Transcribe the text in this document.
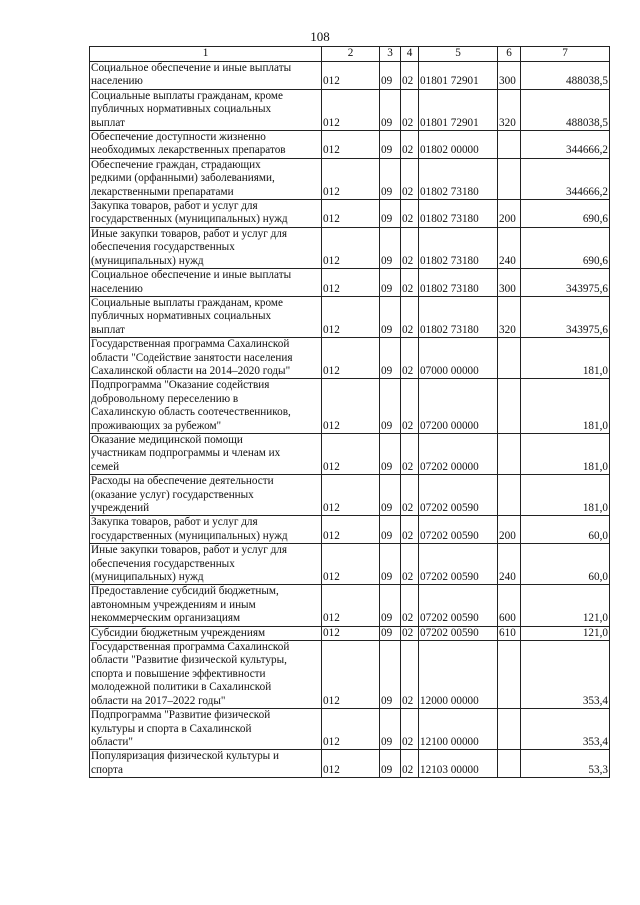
108
1	2	3	4	5	6	7
Социальное обеспечение и иные выплаты
населению	012	09	02	01801 72901	300	488038,5
Социальные выплаты гражданам, кроме
публичных нормативных социальных
выплат	012	09	02	01801 72901	320	488038,5
Обеспечение доступности жизненно
необходимых лекарственных препаратов	012	09	02	01802 00000		344666,2
Обеспечение граждан, страдающих
редкими (орфанными) заболеваниями,
лекарственными препаратами	012	09	02	01802 73180		344666,2
Закупка товаров, работ и услуг для
государственных (муниципальных) нужд	012	09	02	01802 73180	200	690,6
Иные закупки товаров, работ и услуг для
обеспечения государственных
(муниципальных) нужд	012	09	02	01802 73180	240	690,6
Социальное обеспечение и иные выплаты
населению	012	09	02	01802 73180	300	343975,6
Социальные выплаты гражданам, кроме
публичных нормативных социальных
выплат	012	09	02	01802 73180	320	343975,6
Государственная программа Сахалинской
области "Содействие занятости населения
Сахалинской области на 2014–2020 годы"	012	09	02	07000 00000		181,0
Подпрограмма "Оказание содействия
добровольному переселению в
Сахалинскую область соотечественников,
проживающих за рубежом"	012	09	02	07200 00000		181,0
Оказание медицинской помощи
участникам подпрограммы и членам их
семей	012	09	02	07202 00000		181,0
Расходы на обеспечение деятельности
(оказание услуг) государственных
учреждений	012	09	02	07202 00590		181,0
Закупка товаров, работ и услуг для
государственных (муниципальных) нужд	012	09	02	07202 00590	200	60,0
Иные закупки товаров, работ и услуг для
обеспечения государственных
(муниципальных) нужд	012	09	02	07202 00590	240	60,0
Предоставление субсидий бюджетным,
автономным учреждениям и иным
некоммерческим организациям	012	09	02	07202 00590	600	121,0
Субсидии бюджетным учреждениям	012	09	02	07202 00590	610	121,0
Государственная программа Сахалинской
области "Развитие физической культуры,
спорта и повышение эффективности
молодежной политики в Сахалинской
области на 2017–2022 годы"	012	09	02	12000 00000		353,4
Подпрограмма "Развитие физической
культуры и спорта в Сахалинской
области"	012	09	02	12100 00000		353,4
Популяризация физической культуры и
спорта	012	09	02	12103 00000		53,3
